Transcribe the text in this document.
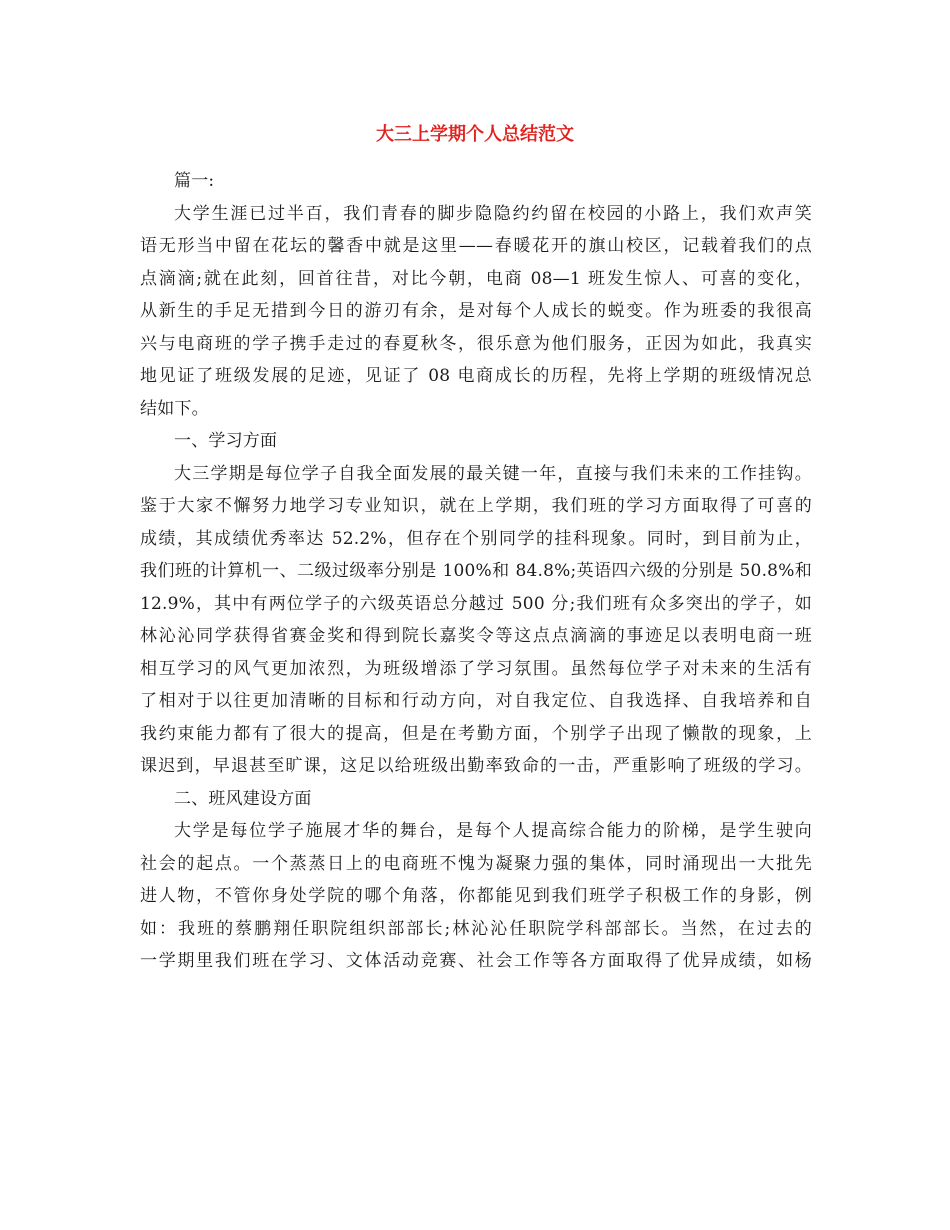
大三上学期个人总结范文
篇一:
大学生涯已过半百，我们青春的脚步隐隐约约留在校园的小路上，我们欢声笑
语无形当中留在花坛的馨香中就是这里——春暖花开的旗山校区，记载着我们的点
点滴滴;就在此刻，回首往昔，对比今朝，电商 08—1 班发生惊人、可喜的变化，
从新生的手足无措到今日的游刃有余，是对每个人成长的蜕变。作为班委的我很高
兴与电商班的学子携手走过的春夏秋冬，很乐意为他们服务，正因为如此，我真实
地见证了班级发展的足迹，见证了 08 电商成长的历程，先将上学期的班级情况总
结如下。
一、学习方面
大三学期是每位学子自我全面发展的最关键一年，直接与我们未来的工作挂钩。
鉴于大家不懈努力地学习专业知识，就在上学期，我们班的学习方面取得了可喜的
成绩，其成绩优秀率达 52.2%，但存在个别同学的挂科现象。同时，到目前为止，
我们班的计算机一、二级过级率分别是 100%和 84.8%;英语四六级的分别是 50.8%和
12.9%，其中有两位学子的六级英语总分越过 500 分;我们班有众多突出的学子，如
林沁沁同学获得省赛金奖和得到院长嘉奖令等这点点滴滴的事迹足以表明电商一班
相互学习的风气更加浓烈，为班级增添了学习氛围。虽然每位学子对未来的生活有
了相对于以往更加清晰的目标和行动方向，对自我定位、自我选择、自我培养和自
我约束能力都有了很大的提高，但是在考勤方面，个别学子出现了懒散的现象，上
课迟到，早退甚至旷课，这足以给班级出勤率致命的一击，严重影响了班级的学习。
二、班风建设方面
大学是每位学子施展才华的舞台，是每个人提高综合能力的阶梯，是学生驶向
社会的起点。一个蒸蒸日上的电商班不愧为凝聚力强的集体，同时涌现出一大批先
进人物，不管你身处学院的哪个角落，你都能见到我们班学子积极工作的身影，例
如：我班的蔡鹏翔任职院组织部部长;林沁沁任职院学科部部长。当然，在过去的
一学期里我们班在学习、文体活动竞赛、社会工作等各方面取得了优异成绩，如杨
